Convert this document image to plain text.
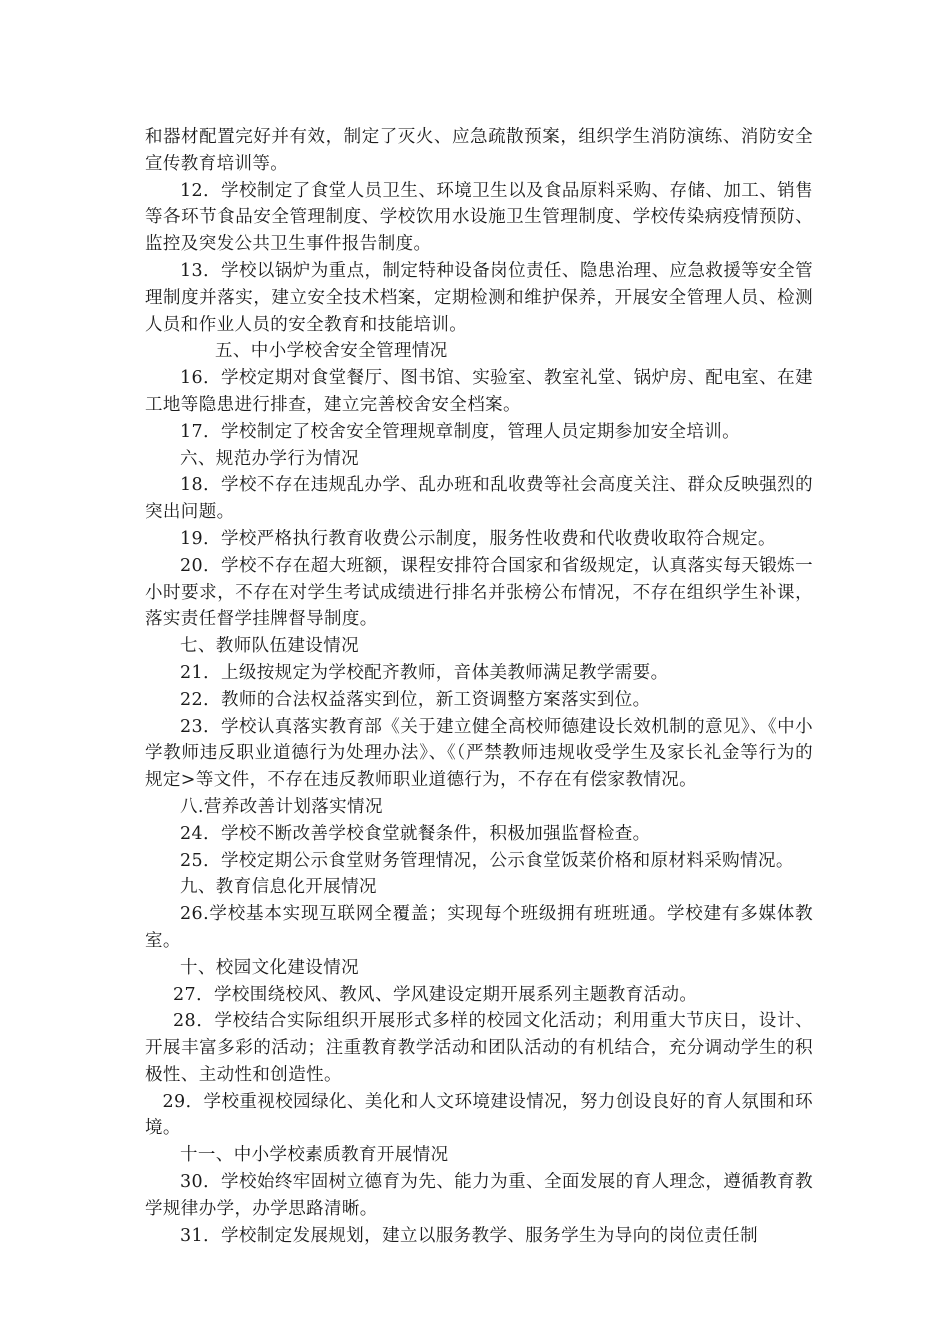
和器材配置完好并有效，制定了灭火、应急疏散预案，组织学生消防演练、消防安全宣传教育培训等。

12．学校制定了食堂人员卫生、环境卫生以及食品原料采购、存储、加工、销售等各环节食品安全管理制度、学校饮用水设施卫生管理制度、学校传染病疫情预防、监控及突发公共卫生事件报告制度。

13．学校以锅炉为重点，制定特种设备岗位责任、隐患治理、应急救援等安全管理制度并落实，建立安全技术档案，定期检测和维护保养，开展安全管理人员、检测人员和作业人员的安全教育和技能培训。

五、中小学校舍安全管理情况

16．学校定期对食堂餐厅、图书馆、实验室、教室礼堂、锅炉房、配电室、在建工地等隐患进行排查，建立完善校舍安全档案。

17．学校制定了校舍安全管理规章制度，管理人员定期参加安全培训。

六、规范办学行为情况

18．学校不存在违规乱办学、乱办班和乱收费等社会高度关注、群众反映强烈的突出问题。

19．学校严格执行教育收费公示制度，服务性收费和代收费收取符合规定。

20．学校不存在超大班额，课程安排符合国家和省级规定，认真落实每天锻炼一小时要求，不存在对学生考试成绩进行排名并张榜公布情况，不存在组织学生补课，落实责任督学挂牌督导制度。

七、教师队伍建设情况

21．上级按规定为学校配齐教师，音体美教师满足教学需要。

22．教师的合法权益落实到位，新工资调整方案落实到位。

23．学校认真落实教育部《关于建立健全高校师德建设长效机制的意见》、《中小学教师违反职业道德行为处理办法》、《（严禁教师违规收受学生及家长礼金等行为的规定>等文件，不存在违反教师职业道德行为，不存在有偿家教情况。

八.营养改善计划落实情况

24．学校不断改善学校食堂就餐条件，积极加强监督检查。

25．学校定期公示食堂财务管理情况，公示食堂饭菜价格和原材料采购情况。

九、教育信息化开展情况

26.学校基本实现互联网全覆盖；实现每个班级拥有班班通。学校建有多媒体教室。

十、校园文化建设情况

27．学校围绕校风、教风、学风建设定期开展系列主题教育活动。

28．学校结合实际组织开展形式多样的校园文化活动；利用重大节庆日，设计、开展丰富多彩的活动；注重教育教学活动和团队活动的有机结合，充分调动学生的积极性、主动性和创造性。

29．学校重视校园绿化、美化和人文环境建设情况，努力创设良好的育人氛围和环境。

十一、中小学校素质教育开展情况

30．学校始终牢固树立德育为先、能力为重、全面发展的育人理念，遵循教育教学规律办学，办学思路清晰。

31．学校制定发展规划，建立以服务教学、服务学生为导向的岗位责任制
